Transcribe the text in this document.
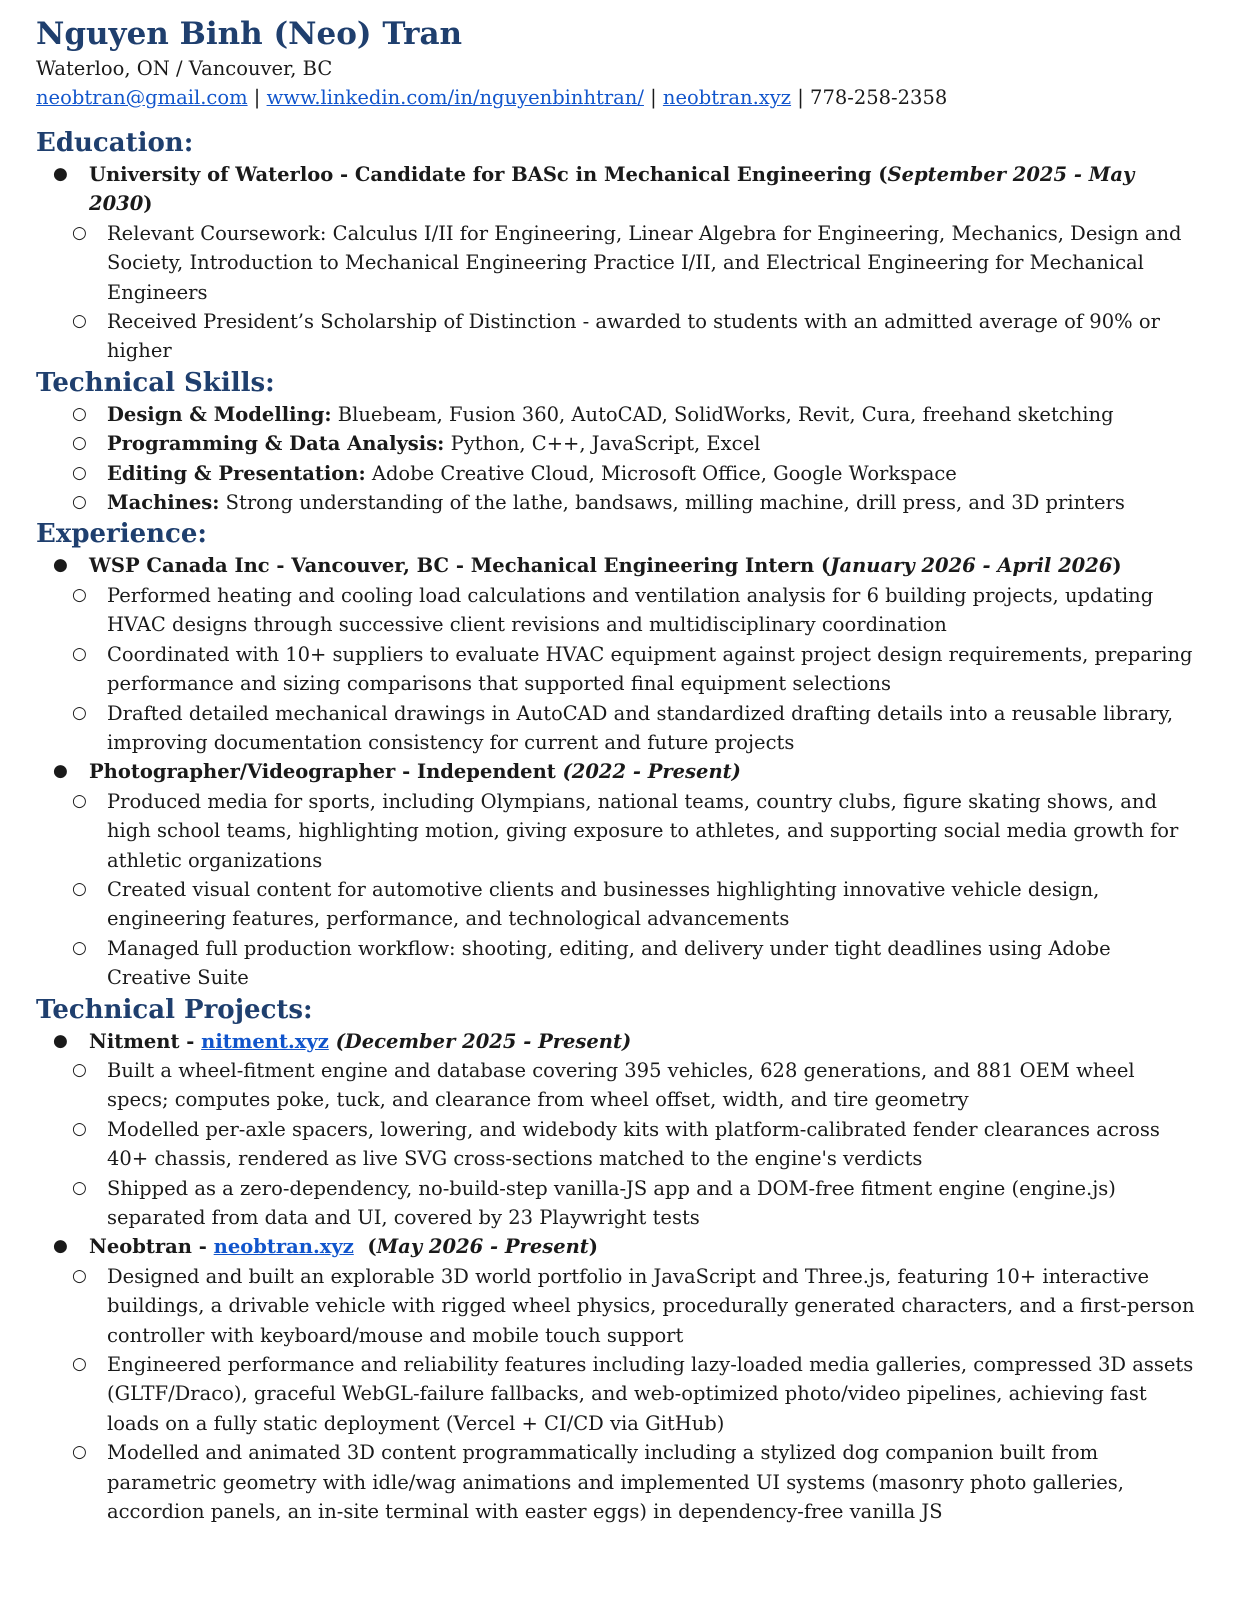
Nguyen Binh (Neo) Tran
Waterloo, ON / Vancouver, BC
neobtran@gmail.com | www.linkedin.com/in/nguyenbinhtran/ | neobtran.xyz | 778-258-2358
Education:
● University of Waterloo - Candidate for BASc in Mechanical Engineering (September 2025 - May 2030)
○ Relevant Coursework: Calculus I/II for Engineering, Linear Algebra for Engineering, Mechanics, Design and Society, Introduction to Mechanical Engineering Practice I/II, and Electrical Engineering for Mechanical Engineers
○ Received President’s Scholarship of Distinction - awarded to students with an admitted average of 90% or higher
Technical Skills:
○ Design & Modelling: Bluebeam, Fusion 360, AutoCAD, SolidWorks, Revit, Cura, freehand sketching
○ Programming & Data Analysis: Python, C++, JavaScript, Excel
○ Editing & Presentation: Adobe Creative Cloud, Microsoft Office, Google Workspace
○ Machines: Strong understanding of the lathe, bandsaws, milling machine, drill press, and 3D printers
Experience:
● WSP Canada Inc - Vancouver, BC - Mechanical Engineering Intern (January 2026 - April 2026)
○ Performed heating and cooling load calculations and ventilation analysis for 6 building projects, updating HVAC designs through successive client revisions and multidisciplinary coordination
○ Coordinated with 10+ suppliers to evaluate HVAC equipment against project design requirements, preparing performance and sizing comparisons that supported final equipment selections
○ Drafted detailed mechanical drawings in AutoCAD and standardized drafting details into a reusable library, improving documentation consistency for current and future projects
● Photographer/Videographer - Independent (2022 - Present)
○ Produced media for sports, including Olympians, national teams, country clubs, figure skating shows, and high school teams, highlighting motion, giving exposure to athletes, and supporting social media growth for athletic organizations
○ Created visual content for automotive clients and businesses highlighting innovative vehicle design, engineering features, performance, and technological advancements
○ Managed full production workflow: shooting, editing, and delivery under tight deadlines using Adobe Creative Suite
Technical Projects:
● Nitment - nitment.xyz (December 2025 - Present)
○ Built a wheel-fitment engine and database covering 395 vehicles, 628 generations, and 881 OEM wheel specs; computes poke, tuck, and clearance from wheel offset, width, and tire geometry
○ Modelled per-axle spacers, lowering, and widebody kits with platform-calibrated fender clearances across 40+ chassis, rendered as live SVG cross-sections matched to the engine's verdicts
○ Shipped as a zero-dependency, no-build-step vanilla-JS app and a DOM-free fitment engine (engine.js) separated from data and UI, covered by 23 Playwright tests
● Neobtran - neobtran.xyz  (May 2026 - Present)
○ Designed and built an explorable 3D world portfolio in JavaScript and Three.js, featuring 10+ interactive buildings, a drivable vehicle with rigged wheel physics, procedurally generated characters, and a first-person controller with keyboard/mouse and mobile touch support
○ Engineered performance and reliability features including lazy-loaded media galleries, compressed 3D assets (GLTF/Draco), graceful WebGL-failure fallbacks, and web-optimized photo/video pipelines, achieving fast loads on a fully static deployment (Vercel + CI/CD via GitHub)
○ Modelled and animated 3D content programmatically including a stylized dog companion built from parametric geometry with idle/wag animations and implemented UI systems (masonry photo galleries, accordion panels, an in-site terminal with easter eggs) in dependency-free vanilla JS
